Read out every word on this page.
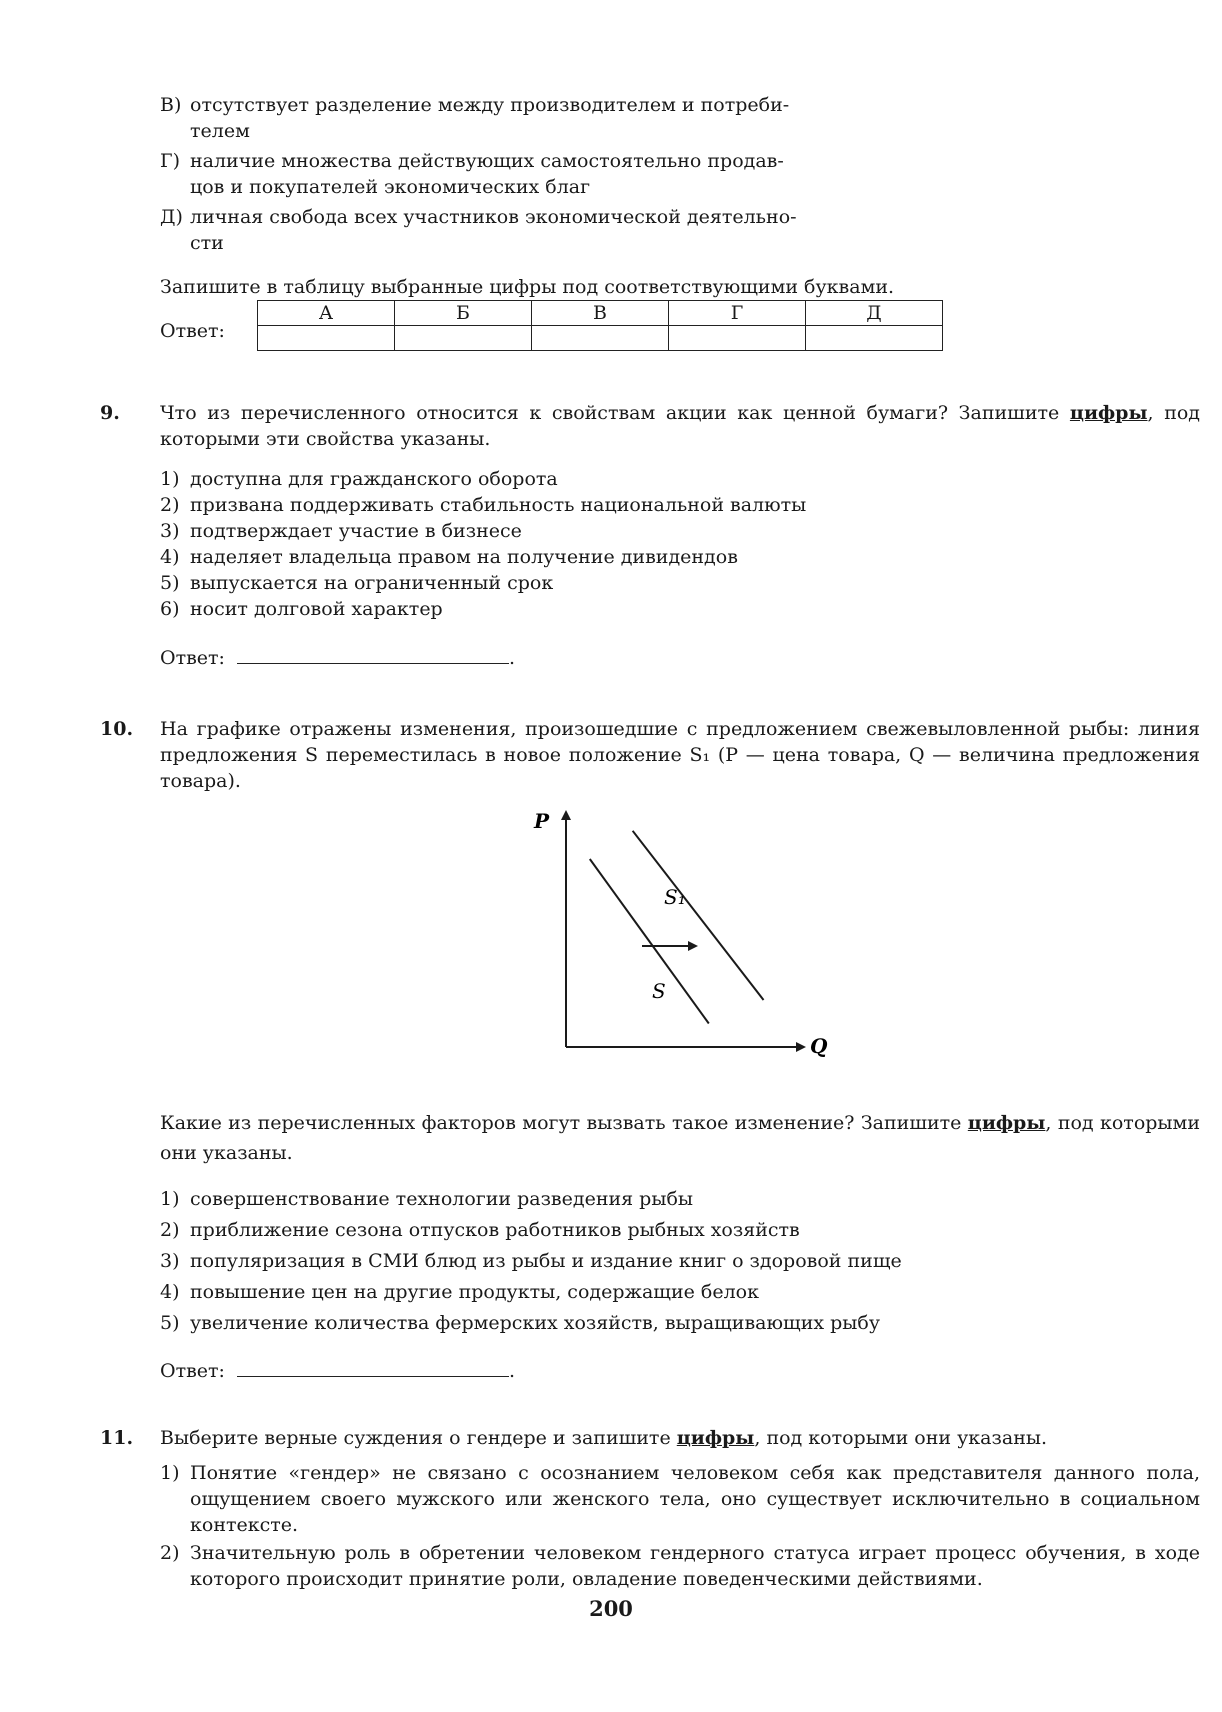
В) отсутствует разделение между производителем и потреби-
телем
Г) наличие множества действующих самостоятельно продав-
цов и покупателей экономических благ
Д) личная свобода всех участников экономической деятельно-
сти
Запишите в таблицу выбранные цифры под соответствующими буквами.
Ответ:
А	Б	В	Г	Д

9. Что из перечисленного относится к свойствам акции как ценной бумаги? Запишите цифры, под которыми эти свойства указаны.
1) доступна для гражданского оборота
2) призвана поддерживать стабильность национальной валюты
3) подтверждает участие в бизнесе
4) наделяет владельца правом на получение дивидендов
5) выпускается на ограниченный срок
6) носит долговой характер
Ответ:	.
10. На графике отражены изменения, произошедшие с предложением свежевыловленной рыбы: линия предложения S переместилась в новое положение S₁ (P — цена товара, Q — величина предложения товара).
P
Q
S
S₁
Какие из перечисленных факторов могут вызвать такое изменение? Запишите цифры, под которыми они указаны.
1) совершенствование технологии разведения рыбы
2) приближение сезона отпусков работников рыбных хозяйств
3) популяризация в СМИ блюд из рыбы и издание книг о здоровой пище
4) повышение цен на другие продукты, содержащие белок
5) увеличение количества фермерских хозяйств, выращивающих рыбу
Ответ:	.
11. Выберите верные суждения о гендере и запишите цифры, под которыми они указаны.
1) Понятие «гендер» не связано с осознанием человеком себя как представителя данного пола, ощущением своего мужского или женского тела, оно существует исключительно в социальном контексте.
2) Значительную роль в обретении человеком гендерного статуса играет процесс обучения, в ходе которого происходит принятие роли, овладение поведенческими действиями.
200
